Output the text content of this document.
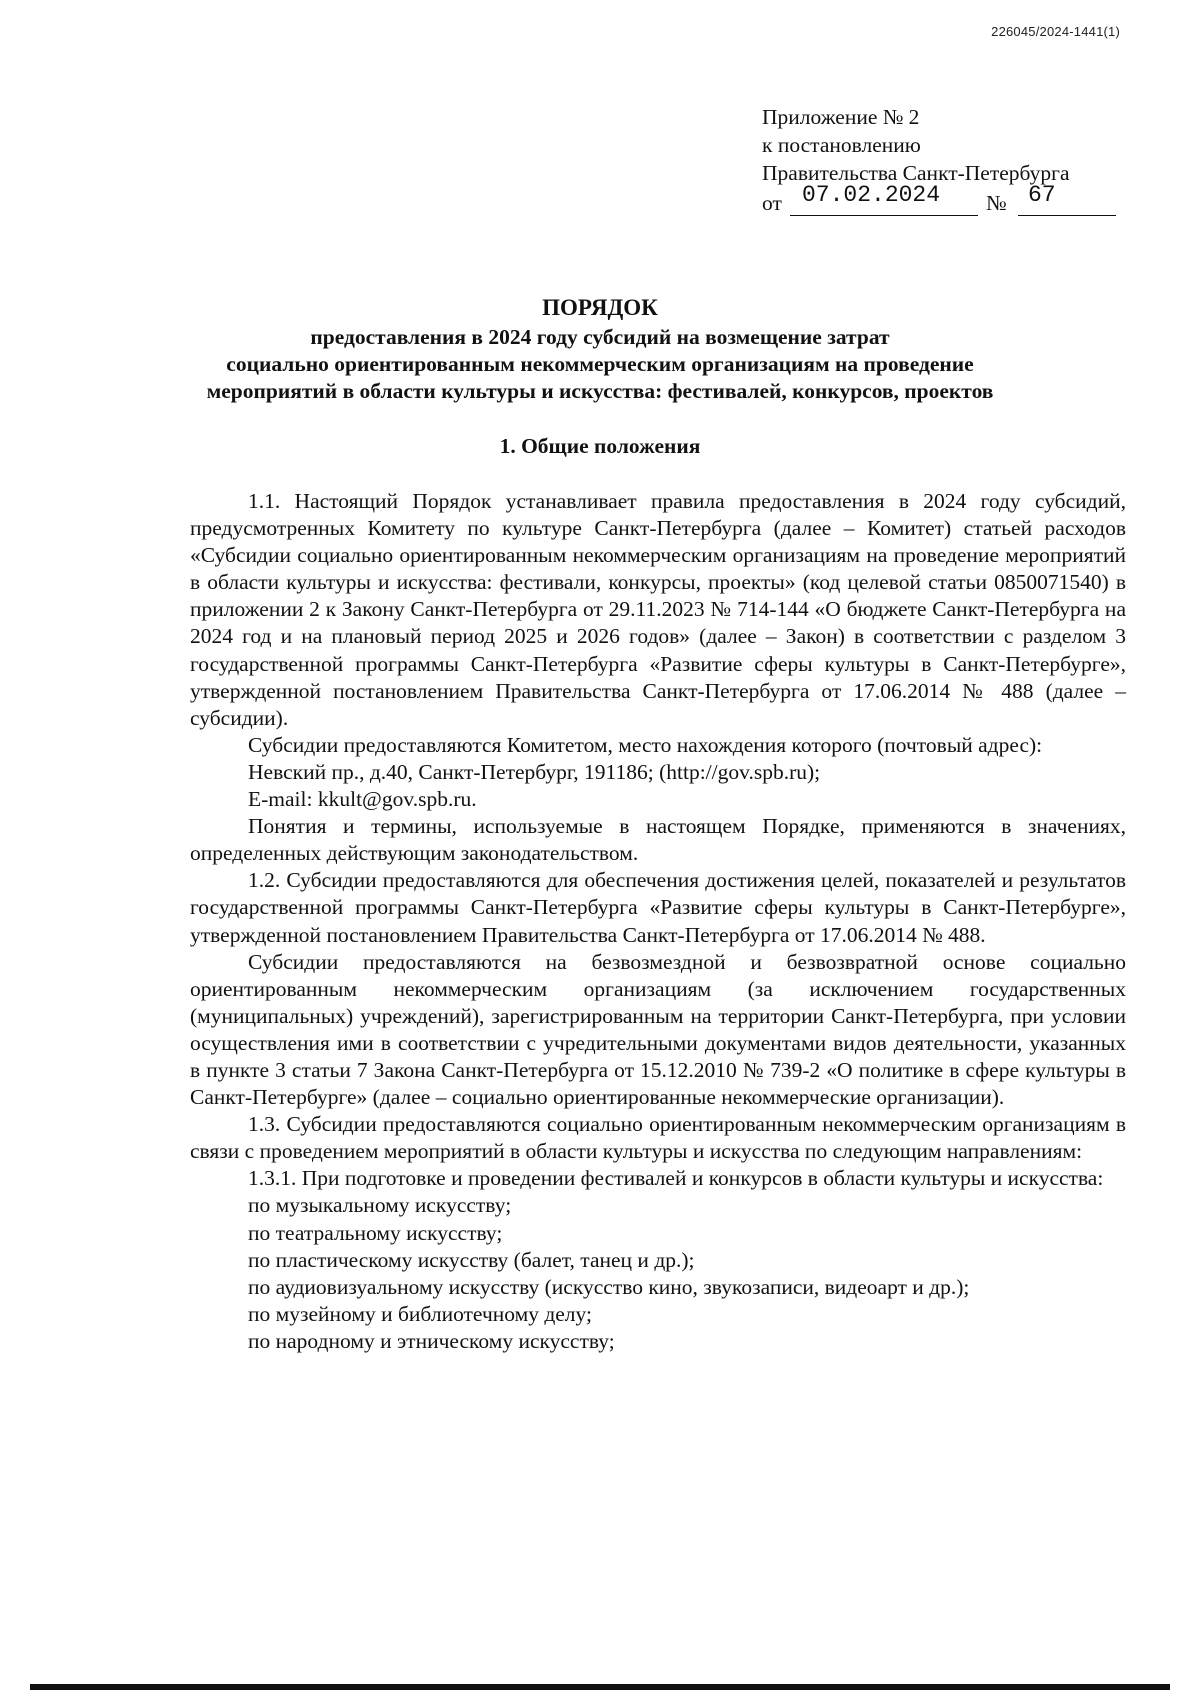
226045/2024-1441(1)
Приложение № 2
к постановлению
Правительства Санкт-Петербурга
от 07.02.2024 № 67
ПОРЯДОК
предоставления в 2024 году субсидий на возмещение затрат
социально ориентированным некоммерческим организациям на проведение
мероприятий в области культуры и искусства: фестивалей, конкурсов, проектов
1. Общие положения

1.1. Настоящий Порядок устанавливает правила предоставления в 2024 году субсидий, предусмотренных Комитету по культуре Санкт-Петербурга (далее – Комитет) статьей расходов «Субсидии социально ориентированным некоммерческим организациям на проведение мероприятий в области культуры и искусства: фестивали, конкурсы, проекты» (код целевой статьи 0850071540) в приложении 2 к Закону Санкт-Петербурга от 29.11.2023 № 714-144 «О бюджете Санкт-Петербурга на 2024 год и на плановый период 2025 и 2026 годов» (далее – Закон) в соответствии с разделом 3 государственной программы Санкт-Петербурга «Развитие сферы культуры в Санкт-Петербурге», утвержденной постановлением Правительства Санкт-Петербурга от 17.06.2014 № 488 (далее – субсидии).

Субсидии предоставляются Комитетом, место нахождения которого (почтовый адрес):

Невский пр., д.40, Санкт-Петербург, 191186; (http://gov.spb.ru);

E-mail: kkult@gov.spb.ru.

Понятия и термины, используемые в настоящем Порядке, применяются в значениях, определенных действующим законодательством.

1.2. Субсидии предоставляются для обеспечения достижения целей, показателей и результатов государственной программы Санкт-Петербурга «Развитие сферы культуры в Санкт-Петербурге», утвержденной постановлением Правительства Санкт-Петербурга от 17.06.2014 № 488.

Субсидии предоставляются на безвозмездной и безвозвратной основе социально ориентированным некоммерческим организациям (за исключением государственных (муниципальных) учреждений), зарегистрированным на территории Санкт-Петербурга, при условии осуществления ими в соответствии с учредительными документами видов деятельности, указанных в пункте 3 статьи 7 Закона Санкт-Петербурга от 15.12.2010 № 739-2 «О политике в сфере культуры в Санкт-Петербурге» (далее – социально ориентированные некоммерческие организации).

1.3. Субсидии предоставляются социально ориентированным некоммерческим организациям в связи с проведением мероприятий в области культуры и искусства по следующим направлениям:

1.3.1. При подготовке и проведении фестивалей и конкурсов в области культуры и искусства:

по музыкальному искусству;

по театральному искусству;

по пластическому искусству (балет, танец и др.);

по аудиовизуальному искусству (искусство кино, звукозаписи, видеоарт и др.);

по музейному и библиотечному делу;

по народному и этническому искусству;
